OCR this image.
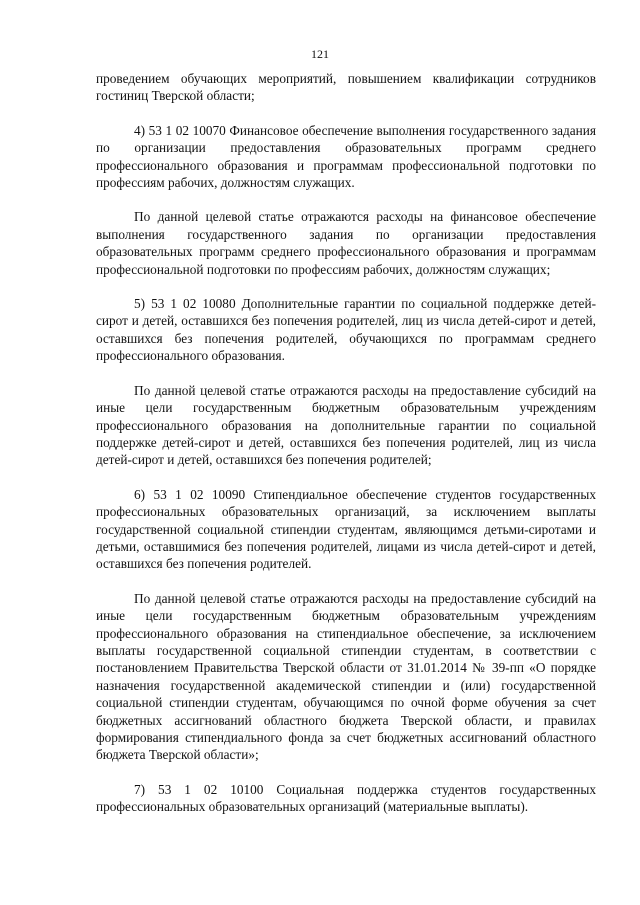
121

проведением обучающих мероприятий, повышением квалификации сотрудников гостиниц Тверской области;

4) 53 1 02 10070 Финансовое обеспечение выполнения государственного задания по организации предоставления образовательных программ среднего профессионального образования и программам профессиональной подготовки по профессиям рабочих, должностям служащих.

По данной целевой статье отражаются расходы на финансовое обеспечение выполнения государственного задания по организации предоставления образовательных программ среднего профессионального образования и программам профессиональной подготовки по профессиям рабочих, должностям служащих;

5) 53 1 02 10080 Дополнительные гарантии по социальной поддержке детей-сирот и детей, оставшихся без попечения родителей, лиц из числа детей-сирот и детей, оставшихся без попечения родителей, обучающихся по программам среднего профессионального образования.

По данной целевой статье отражаются расходы на предоставление субсидий на иные цели государственным бюджетным образовательным учреждениям профессионального образования на дополнительные гарантии по социальной поддержке детей-сирот и детей, оставшихся без попечения родителей, лиц из числа детей-сирот и детей, оставшихся без попечения родителей;

6) 53 1 02 10090 Стипендиальное обеспечение студентов государственных профессиональных образовательных организаций, за исключением выплаты государственной социальной стипендии студентам, являющимся детьми-сиротами и детьми, оставшимися без попечения родителей, лицами из числа детей-сирот и детей, оставшихся без попечения родителей.

По данной целевой статье отражаются расходы на предоставление субсидий на иные цели государственным бюджетным образовательным учреждениям профессионального образования на стипендиальное обеспечение, за исключением выплаты государственной социальной стипендии студентам, в соответствии с постановлением Правительства Тверской области от 31.01.2014 № 39-пп «О порядке назначения государственной академической стипендии и (или) государственной социальной стипендии студентам, обучающимся по очной форме обучения за счет бюджетных ассигнований областного бюджета Тверской области, и правилах формирования стипендиального фонда за счет бюджетных ассигнований областного бюджета Тверской области»;

7) 53 1 02 10100 Социальная поддержка студентов государственных профессиональных образовательных организаций (материальные выплаты).
